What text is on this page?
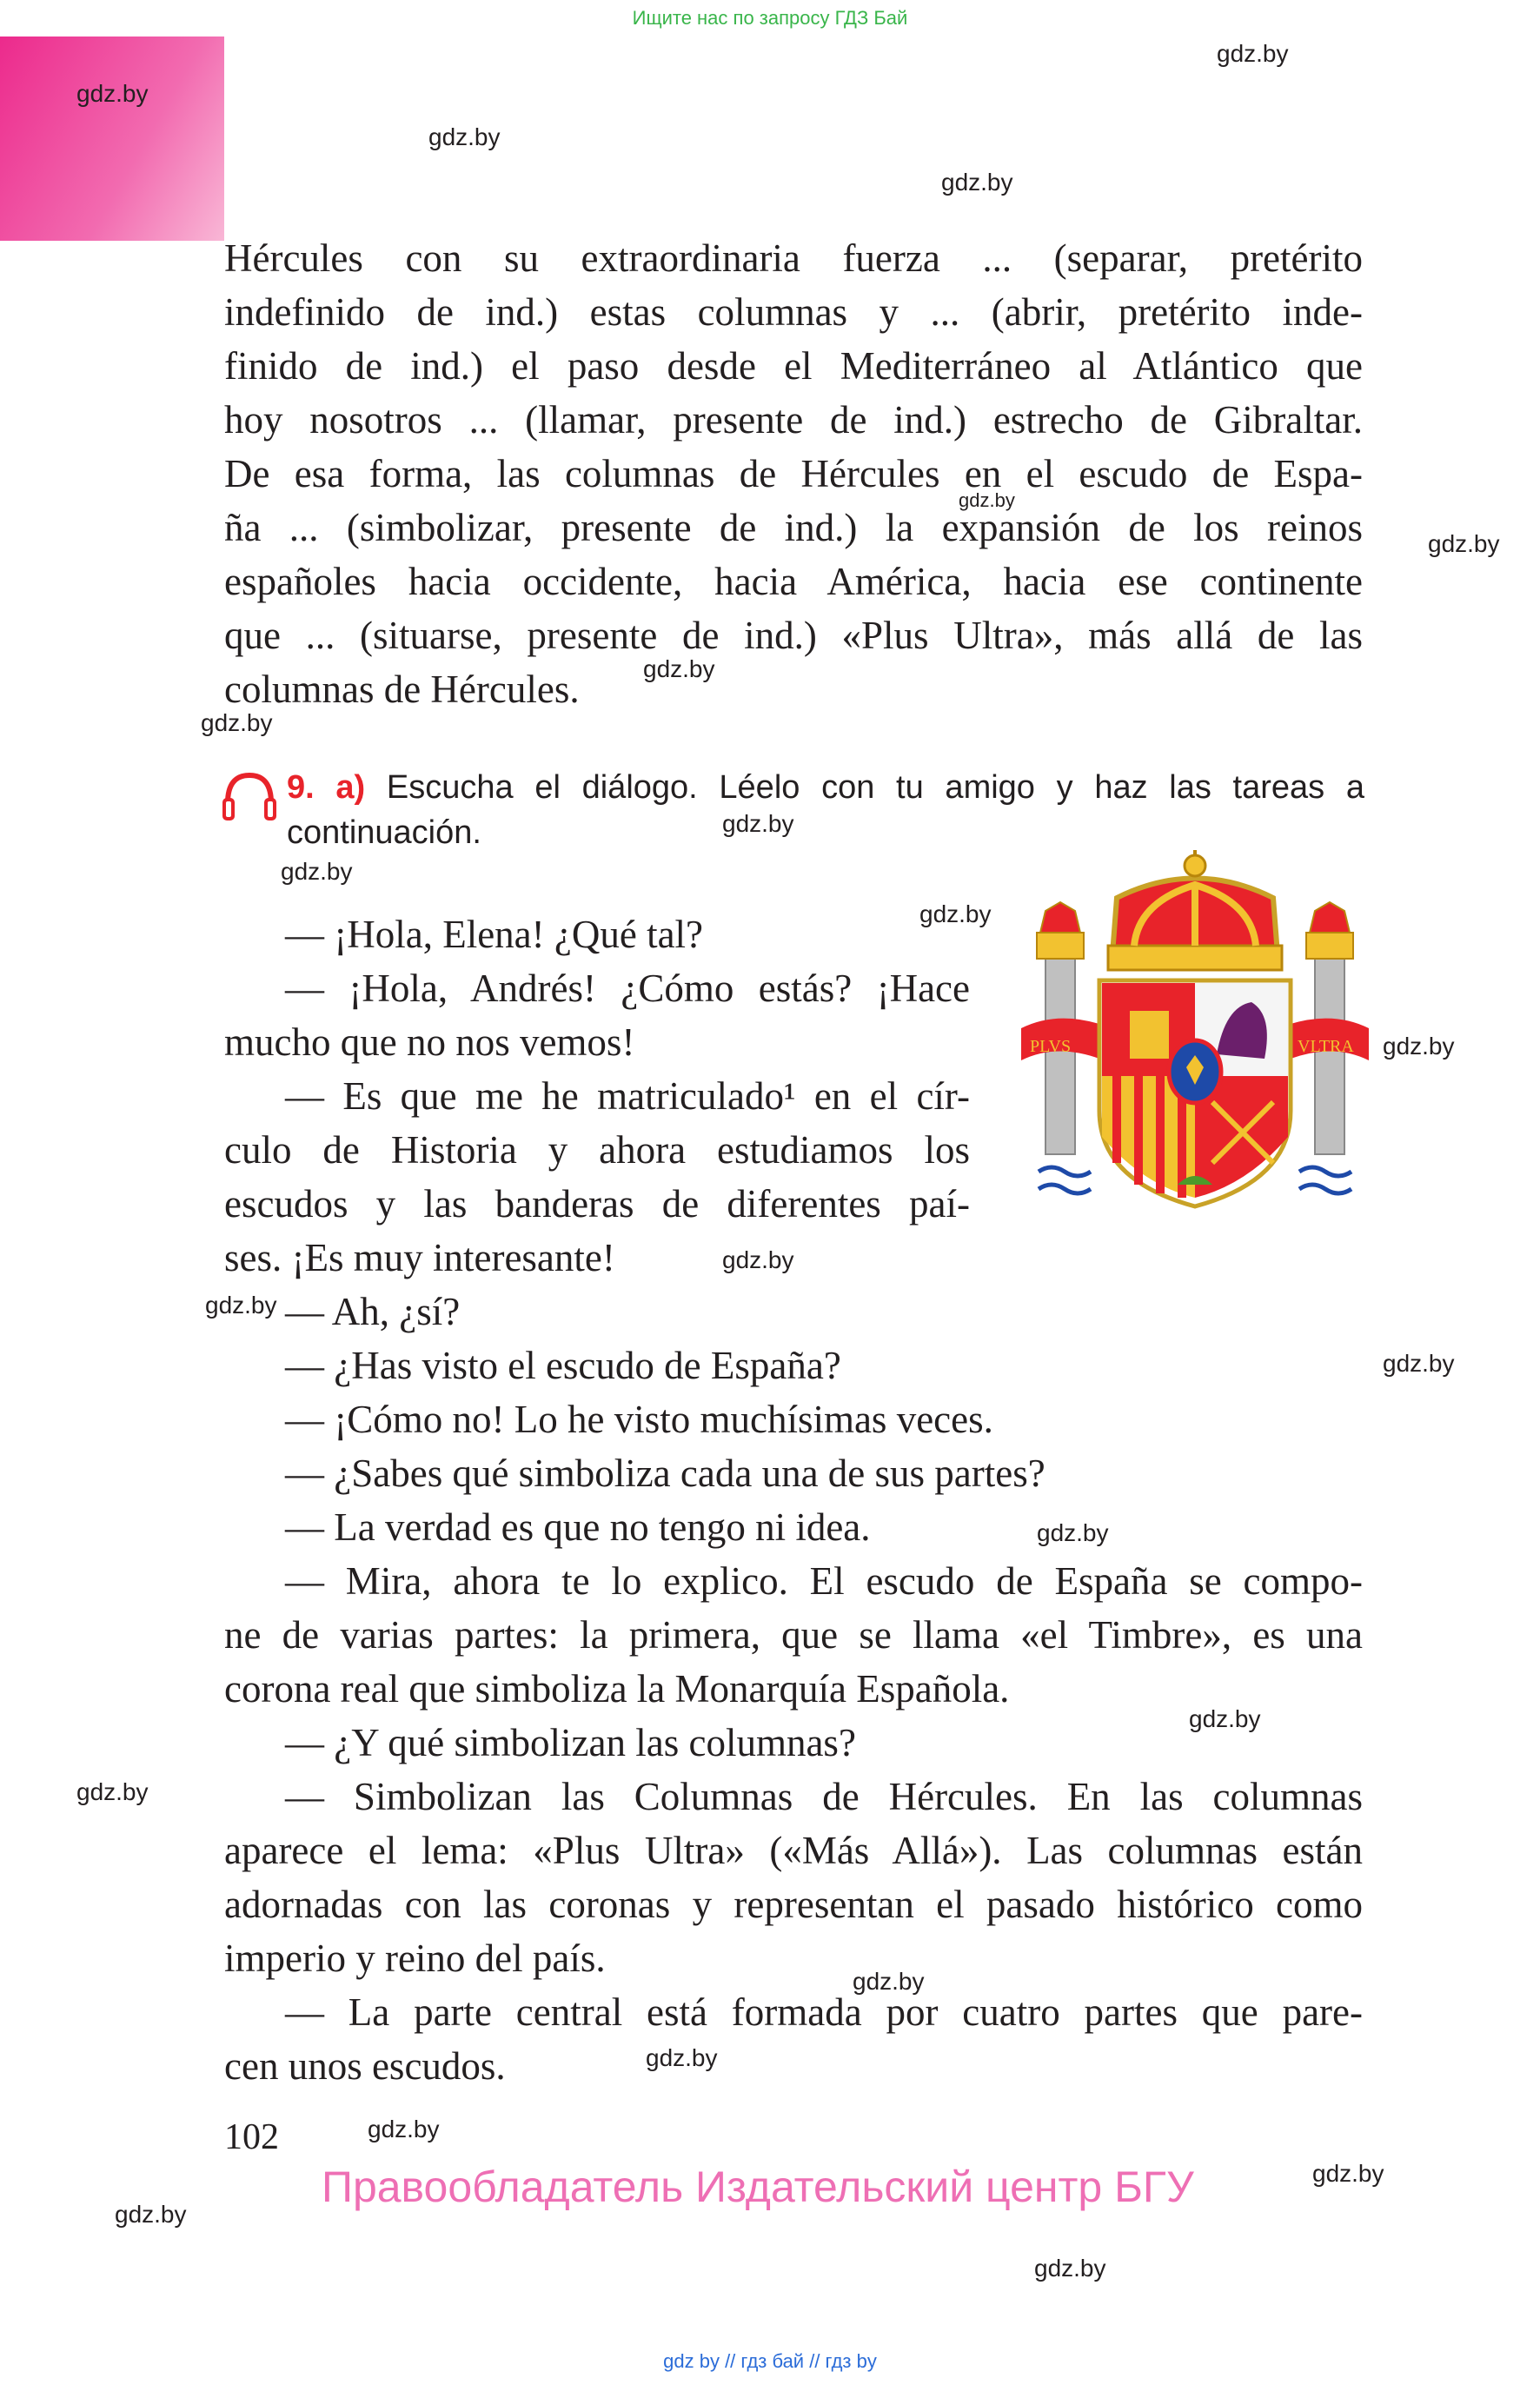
Ищите нас по запросу ГДЗ Бай
gdz.by
gdz.by
gdz.by
gdz.by
gdz.by
gdz.by
gdz.by
gdz.by
gdz.by
gdz.by
gdz.by
gdz.by
gdz.by
gdz.by
gdz.by
gdz.by
gdz.by
gdz.by
gdz.by
gdz.by
gdz.by
gdz.by
gdz.by
gdz.by
Hércules con su extraordinaria fuerza ... (separar, pretérito
indefinido de ind.) estas columnas y ... (abrir, pretérito inde-
finido de ind.) el paso desde el Mediterráneo al Atlántico que
hoy nosotros ... (llamar, presente de ind.) estrecho de Gibraltar.
De esa forma, las columnas de Hércules en el escudo de Espa-
ña ... (simbolizar, presente de ind.) la expansión de los reinos
españoles hacia occidente, hacia América, hacia ese continente
que ... (situarse, presente de ind.) «Plus Ultra», más allá de las
columnas de Hércules.
9. a) Escucha el diálogo. Léelo con tu amigo y haz las tareas a continuación.
PLVS	VLTRA
— ¡Hola, Elena! ¿Qué tal?
— ¡Hola, Andrés! ¿Cómo estás? ¡Hace
mucho que no nos vemos!
— Es que me he matriculado¹ en el cír-
culo de Historia y ahora estudiamos los
escudos y las banderas de diferentes paí-
ses. ¡Es muy interesante!
— Ah, ¿sí?
— ¿Has visto el escudo de España?
— ¡Cómo no! Lo he visto muchísimas veces.
— ¿Sabes qué simboliza cada una de sus partes?
— La verdad es que no tengo ni idea.
— Mira, ahora te lo explico. El escudo de España se compo-
ne de varias partes: la primera, que se llama «el Timbre», es una
corona real que simboliza la Monarquía Española.
— ¿Y qué simbolizan las columnas?
— Simbolizan las Columnas de Hércules. En las columnas
aparece el lema: «Plus Ultra» («Más Allá»). Las columnas están
adornadas con las coronas y representan el pasado histórico como
imperio y reino del país.
— La parte central está formada por cuatro partes que pare-
cen unos escudos.
102
Правообладатель Издательский центр БГУ
gdz by // гдз бай // гдз by
